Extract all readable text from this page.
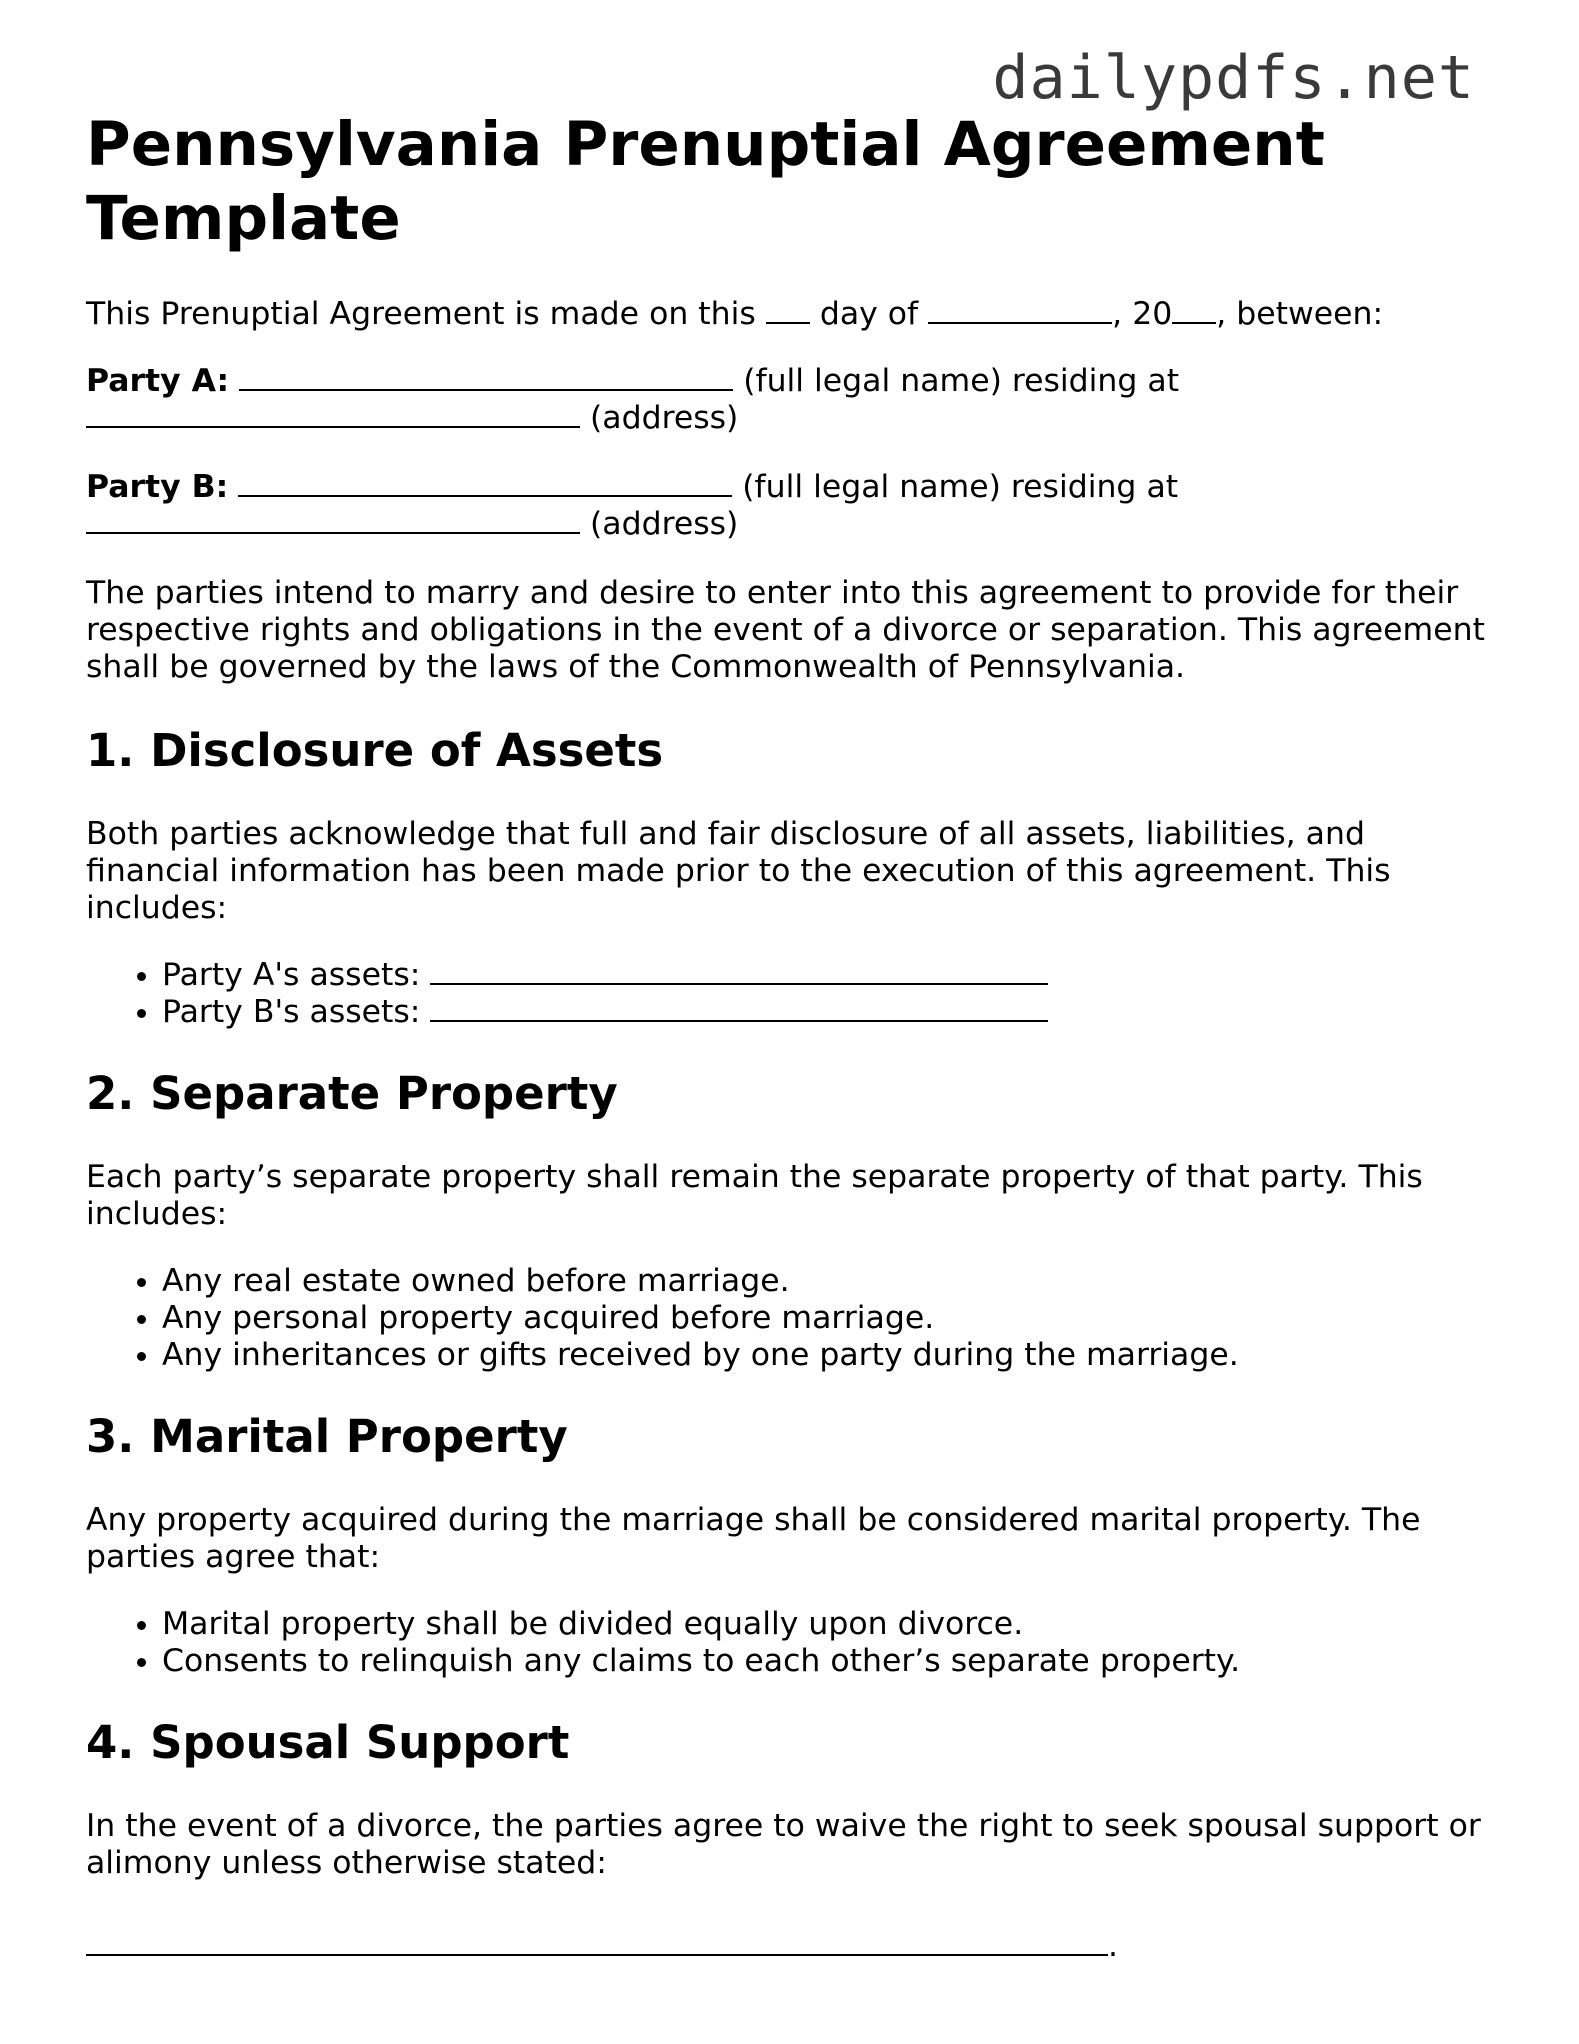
dailypdfs.net
Pennsylvania Prenuptial Agreement Template

This Prenuptial Agreement is made on this day of	, 20 , between:

Party A:	(full legal name) residing at
(address)

Party B:	(full legal name) residing at
(address)

The parties intend to marry and desire to enter into this agreement to provide for their respective rights and obligations in the event of a divorce or separation. This agreement shall be governed by the laws of the Commonwealth of Pennsylvania.

1. Disclosure of Assets

Both parties acknowledge that full and fair disclosure of all assets, liabilities, and financial information has been made prior to the execution of this agreement. This includes:

• Party A's assets:
• Party B's assets:
2. Separate Property

Each party’s separate property shall remain the separate property of that party. This includes:

• Any real estate owned before marriage.
• Any personal property acquired before marriage.
• Any inheritances or gifts received by one party during the marriage.
3. Marital Property

Any property acquired during the marriage shall be considered marital property. The parties agree that:

• Marital property shall be divided equally upon divorce.
• Consents to relinquish any claims to each other’s separate property.
4. Spousal Support

In the event of a divorce, the parties agree to waive the right to seek spousal support or alimony unless otherwise stated:

.
